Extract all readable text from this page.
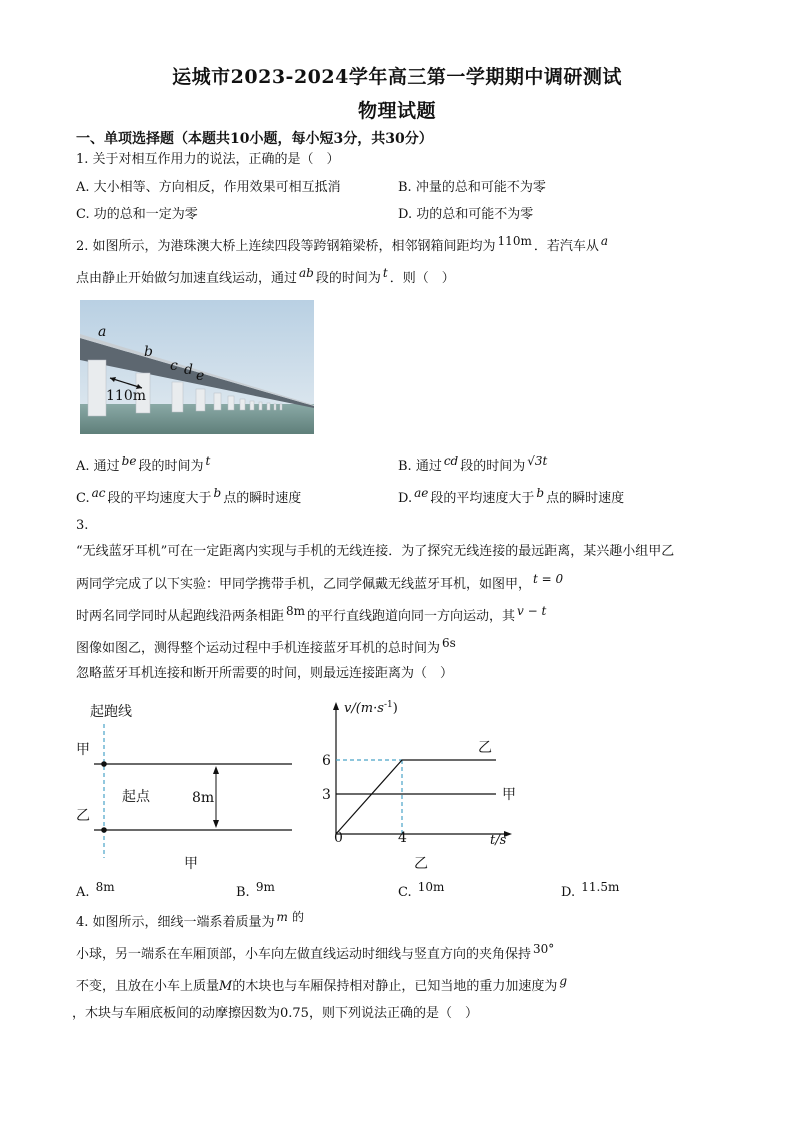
运城市2023-2024学年高三第一学期期中调研测试
物理试题
一、单项选择题（本题共10小题，每小短3分，共30分）
1. 关于对相互作用力的说法，正确的是（　）
A. 大小相等、方向相反，作用效果可相互抵消	B. 冲量的总和可能不为零
C. 功的总和一定为零	D. 功的总和可能不为零
2. 如图所示，为港珠澳大桥上连续四段等跨钢箱梁桥，相邻钢箱间距均为 110m ．若汽车从 a
点由静止开始做匀加速直线运动，通过 ab 段的时间为 t ．则（　）
a
b
c d e
110m
A. 通过 be 段的时间为 t	B. 通过 cd 段的时间为 √3t
C. ac 段的平均速度大于 b 点的瞬时速度	D. ae 段的平均速度大于 b 点的瞬时速度
3.
“无线蓝牙耳机”可在一定距离内实现与手机的无线连接．为了探究无线连接的最远距离，某兴趣小组甲乙
两同学完成了以下实验：甲同学携带手机，乙同学佩戴无线蓝牙耳机，如图甲， t = 0
时两名同学同时从起跑线沿两条相距 8m 的平行直线跑道向同一方向运动，其 v − t
图像如图乙，测得整个运动过程中手机连接蓝牙耳机的总时间为 6s
忽略蓝牙耳机连接和断开所需要的时间，则最远连接距离为（　）
起跑线
甲
乙
起点	8m
甲
$v/(m\cdot s^{-1})$
6
3
0	4	t/s
乙
甲
乙
A. 8m	B. 9m	C. 10m	D. 11.5m
4. 如图所示，细线一端系着质量为 m 的
小球，另一端系在车厢顶部，小车向左做直线运动时细线与竖直方向的夹角保持 30°
不变，且放在小车上质量M的木块也与车厢保持相对静止，已知当地的重力加速度为 g
，木块与车厢底板间的动摩擦因数为0.75，则下列说法正确的是（　）
